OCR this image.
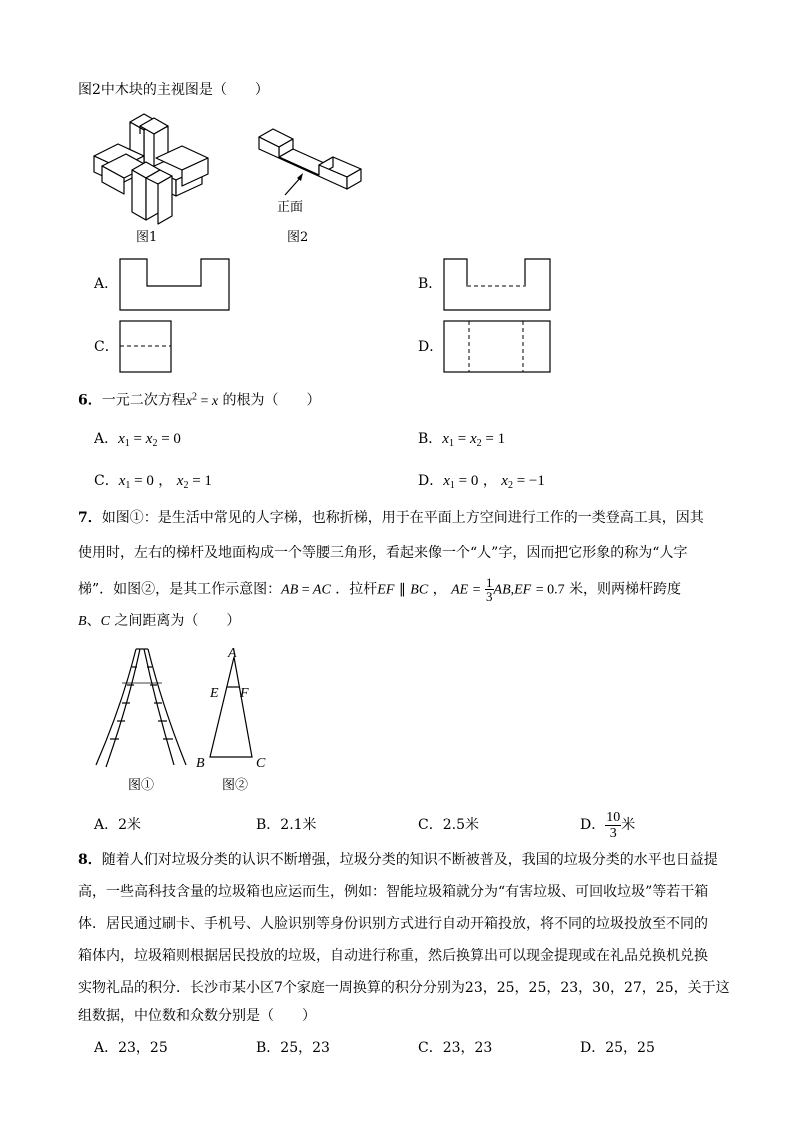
图2中木块的主视图是（　　）
图1
正面
图2
A．	B．
C．	D．
6．一元二次方程$x^2 = x$ 的根为（　　）
A．$x_1 = x_2 = 0$	B．$x_1 = x_2 = 1$
C．$x_1 = 0$ ， $x_2 = 1$	D．$x_1 = 0$ ， $x_2 = -1$
7．如图①：是生活中常见的人字梯，也称折梯，用于在平面上方空间进行工作的一类登高工具，因其
使用时，左右的梯杆及地面构成一个等腰三角形，看起来像一个“人”字，因而把它形象的称为“人字
梯”．如图②，是其工作示意图：AB = AC ．拉杆EF ∥ BC ， AE = $\frac{1}{3} AB,EF = 0.7$ 米，则两梯杆跨度
B、C 之间距离为（　　）
图①
A
E F
B	C
图②
A．2米	B．2.1米	C．2.5米	D． $\frac{10}{3}$ 米
8．随着人们对垃圾分类的认识不断增强，垃圾分类的知识不断被普及，我国的垃圾分类的水平也日益提
高，一些高科技含量的垃圾箱也应运而生，例如：智能垃圾箱就分为“有害垃圾、可回收垃圾”等若干箱
体．居民通过刷卡、手机号、人脸识别等身份识别方式进行自动开箱投放，将不同的垃圾投放至不同的
箱体内，垃圾箱则根据居民投放的垃圾，自动进行称重，然后换算出可以现金提现或在礼品兑换机兑换
实物礼品的积分．长沙市某小区7个家庭一周换算的积分分别为23，25，25，23，30，27，25，关于这
组数据，中位数和众数分别是（　　）
A．23，25	B．25，23	C．23，23	D．25，25
